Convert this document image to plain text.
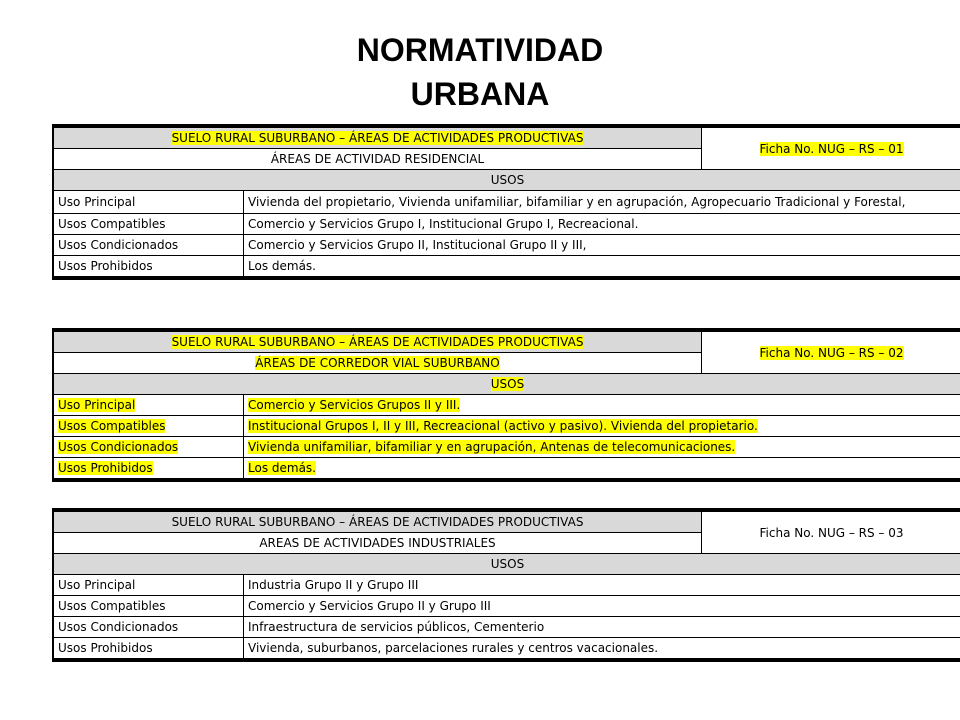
NORMATIVIDAD
URBANA
SUELO RURAL SUBURBANO – ÁREAS DE ACTIVIDADES PRODUCTIVAS		Ficha No. NUG – RS – 01
ÁREAS DE ACTIVIDAD RESIDENCIAL		
USOS		
Uso Principal	Vivienda del propietario, Vivienda unifamiliar, bifamiliar y en agrupación, Agropecuario Tradicional y Forestal,	
Usos Compatibles	Comercio y Servicios Grupo I, Institucional Grupo I, Recreacional.	
Usos Condicionados	Comercio y Servicios Grupo II, Institucional Grupo II y III,	
Usos Prohibidos	Los demás.	
SUELO RURAL SUBURBANO – ÁREAS DE ACTIVIDADES PRODUCTIVAS		Ficha No. NUG – RS – 02
ÁREAS DE CORREDOR VIAL SUBURBANO		
USOS		
Uso Principal	Comercio y Servicios Grupos II y III.	
Usos Compatibles	Institucional Grupos I, II y III, Recreacional (activo y pasivo). Vivienda del propietario.	
Usos Condicionados	Vivienda unifamiliar, bifamiliar y en agrupación, Antenas de telecomunicaciones.	
Usos Prohibidos	Los demás.	
SUELO RURAL SUBURBANO – ÁREAS DE ACTIVIDADES PRODUCTIVAS		Ficha No. NUG – RS – 03
AREAS DE ACTIVIDADES INDUSTRIALES		
USOS		
Uso Principal	Industria Grupo II y Grupo III	
Usos Compatibles	Comercio y Servicios Grupo II y Grupo III	
Usos Condicionados	Infraestructura de servicios públicos, Cementerio	
Usos Prohibidos	Vivienda, suburbanos, parcelaciones rurales y centros vacacionales.	
